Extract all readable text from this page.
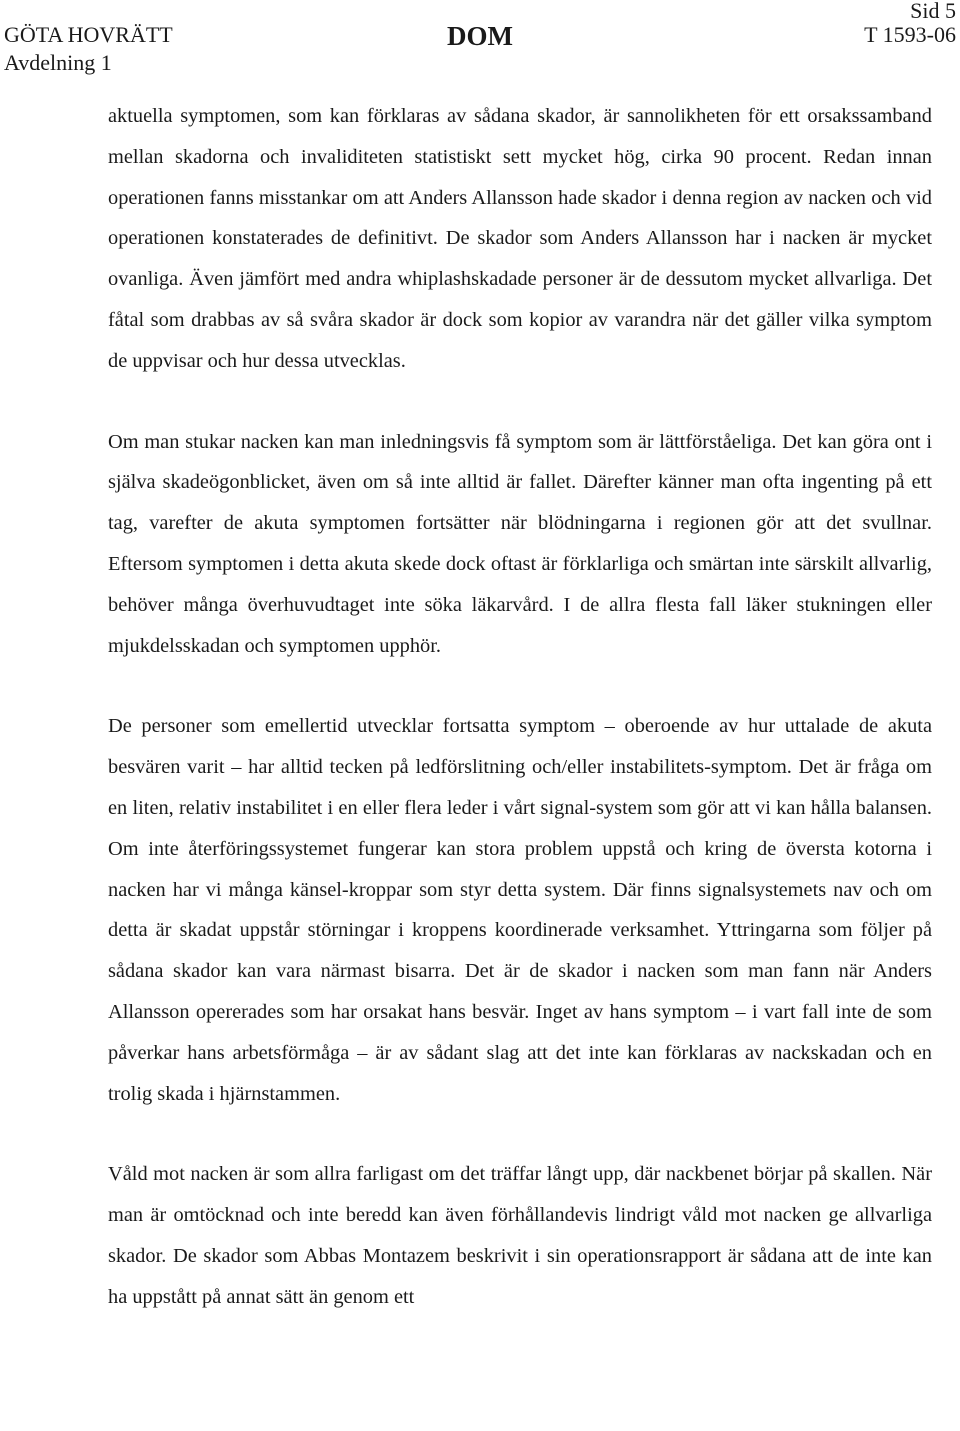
GÖTA HOVRÄTT
Avdelning 1
DOM
Sid 5
T 1593-06

aktuella symptomen, som kan förklaras av sådana skador, är sannolikheten för ett orsakssamband mellan skadorna och invaliditeten statistiskt sett mycket hög, cirka 90 procent. Redan innan operationen fanns misstankar om att Anders Allansson hade skador i denna region av nacken och vid operationen konstaterades de definitivt. De skador som Anders Allansson har i nacken är mycket ovanliga. Även jämfört med andra whiplashskadade personer är de dessutom mycket allvarliga. Det fåtal som drabbas av så svåra skador är dock som kopior av varandra när det gäller vilka symptom de uppvisar och hur dessa utvecklas.

Om man stukar nacken kan man inledningsvis få symptom som är lättförståeliga. Det kan göra ont i själva skadeögonblicket, även om så inte alltid är fallet. Därefter känner man ofta ingenting på ett tag, varefter de akuta symptomen fortsätter när blödningarna i regionen gör att det svullnar. Eftersom symptomen i detta akuta skede dock oftast är förklarliga och smärtan inte särskilt allvarlig, behöver många överhuvudtaget inte söka läkarvård. I de allra flesta fall läker stukningen eller mjukdelsskadan och symptomen upphör.

De personer som emellertid utvecklar fortsatta symptom – oberoende av hur uttalade de akuta besvären varit – har alltid tecken på ledförslitning och/eller instabilitets-symptom. Det är fråga om en liten, relativ instabilitet i en eller flera leder i vårt signal-system som gör att vi kan hålla balansen. Om inte återföringssystemet fungerar kan stora problem uppstå och kring de översta kotorna i nacken har vi många känsel-kroppar som styr detta system. Där finns signalsystemets nav och om detta är skadat uppstår störningar i kroppens koordinerade verksamhet. Yttringarna som följer på sådana skador kan vara närmast bisarra. Det är de skador i nacken som man fann när Anders Allansson opererades som har orsakat hans besvär. Inget av hans symptom – i vart fall inte de som påverkar hans arbetsförmåga – är av sådant slag att det inte kan förklaras av nackskadan och en trolig skada i hjärnstammen.

Våld mot nacken är som allra farligast om det träffar långt upp, där nackbenet börjar på skallen. När man är omtöcknad och inte beredd kan även förhållandevis lindrigt våld mot nacken ge allvarliga skador. De skador som Abbas Montazem beskrivit i sin operationsrapport är sådana att de inte kan ha uppstått på annat sätt än genom ett
